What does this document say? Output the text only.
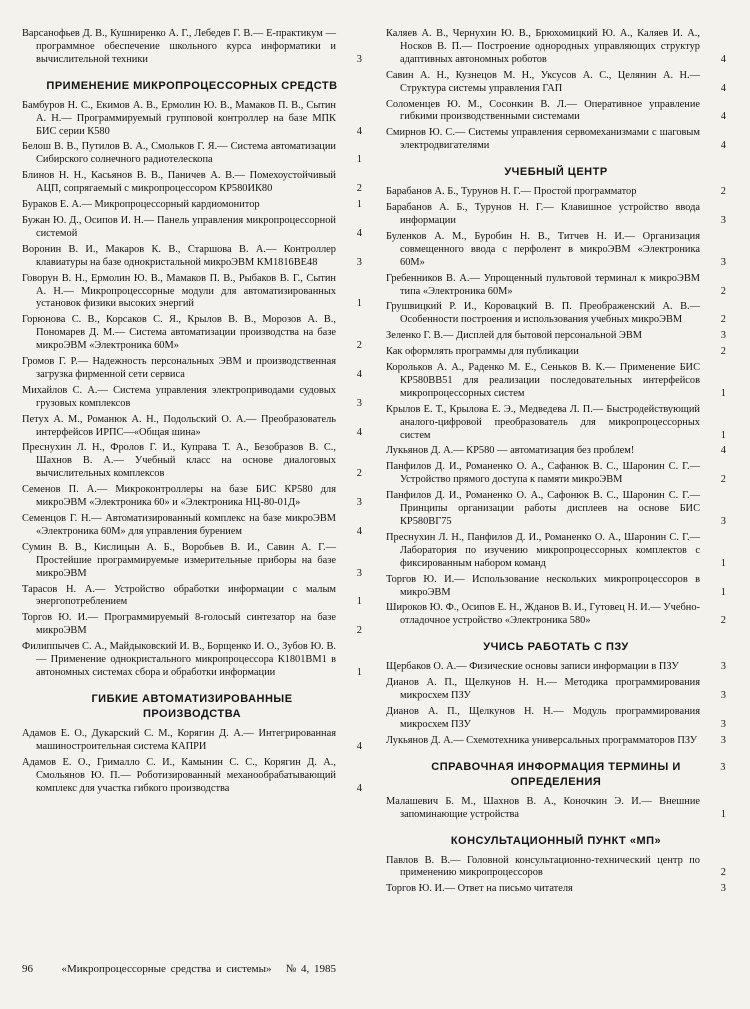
Варсанофьев Д. В., Кушниренко А. Г., Лебедев Г. В.— Е-практикум — программное обеспечение школьного курса информатики и вычислительной техники	3
ПРИМЕНЕНИЕ МИКРОПРОЦЕССОРНЫХ СРЕДСТВ
Бамбуров Н. С., Екимов А. В., Ермолин Ю. В., Мамаков П. В., Сытин А. Н.— Программируемый групповой контроллер на базе МПК БИС серии К580	4
Белош В. В., Путилов В. А., Смольков Г. Я.— Система автоматизации Сибирского солнечного радиотелескопа	1
Блинов Н. Н., Касьянов В. В., Паничев А. В.— Помехоустойчивый АЦП, сопрягаемый с микропроцессором КР580ИК80	2
Бураков Е. А.— Микропроцессорный кардиомонитор	1
Бужан Ю. Д., Осипов И. Н.— Панель управления микропроцессорной системой	4
Воронин В. И., Макаров К. В., Старшова В. А.— Контроллер клавиатуры на базе однокристальной микроЭВМ КМ1816ВЕ48	3
Говорун В. Н., Ермолин Ю. В., Мамаков П. В., Рыбаков В. Г., Сытин А. Н.— Микропроцессорные модули для автоматизированных установок физики высоких энергий	1
Горюнова С. В., Корсаков С. Я., Крылов В. В., Морозов А. В., Пономарев Д. М.— Система автоматизации производства на базе микроЭВМ «Электроника 60М»	2
Громов Г. Р.— Надежность персональных ЭВМ и производственная загрузка фирменной сети сервиса	4
Михайлов С. А.— Система управления электроприводами судовых грузовых комплексов	3
Петух А. М., Романюк А. Н., Подольский О. А.— Преобразователь интерфейсов ИРПС—«Общая шина»	4
Преснухин Л. Н., Фролов Г. И., Куправа Т. А., Безобразов В. С., Шахнов В. А.— Учебный класс на основе диалоговых вычислительных комплексов	2
Семенов П. А.— Микроконтроллеры на базе БИС КР580 для микроЭВМ «Электроника 60» и «Электроника НЦ-80-01Д»	3
Семенцов Г. Н.— Автоматизированный комплекс на базе микроЭВМ «Электроника 60М» для управления бурением	4
Сумин В. В., Кислицын А. Б., Воробьев В. И., Савин А. Г.— Простейшие программируемые измерительные приборы на базе микроЭВМ	3
Тарасов Н. А.— Устройство обработки информации с малым энергопотреблением	1
Торгов Ю. И.— Программируемый 8-голосый синтезатор на базе микроЭВМ	2
Филиппычев С. А., Майдыковский И. В., Борщенко И. О., Зубов Ю. В.— Применение однокристального микропроцессора К1801ВМ1 в автономных системах сбора и обработки информации	1
ГИБКИЕ АВТОМАТИЗИРОВАННЫЕ ПРОИЗВОДСТВА
Адамов Е. О., Дукарский С. М., Корягин Д. А.— Интегрированная машиностроительная система КАПРИ	4
Адамов Е. О., Грималло С. И., Камынин С. С., Корягин Д. А., Смольянов Ю. П.— Роботизированный механообрабатывающий комплекс для участка гибкого производства	4
Каляев А. В., Чернухин Ю. В., Брюхомицкий Ю. А., Каляев И. А., Носков В. П.— Построение однородных управляющих структур адаптивных автономных роботов	4
Савин А. Н., Кузнецов М. Н., Уксусов А. С., Целянин А. Н.— Структура системы управления ГАП	4
Соломенцев Ю. М., Сосонкин В. Л.— Оперативное управление гибкими производственными системами	4
Смирнов Ю. С.— Системы управления сервомеханизмами с шаговым электродвигателями	4
УЧЕБНЫЙ ЦЕНТР
Барабанов А. Б., Турунов Н. Г.— Простой программатор	2
Барабанов А. Б., Турунов Н. Г.— Клавишное устройство ввода информации	3
Буленков А. М., Буробин Н. В., Титчев Н. И.— Организация совмещенного ввода с перфолент в микроЭВМ «Электроника 60М»	3
Гребенников В. А.— Упрощенный пультовой терминал к микроЭВМ типа «Электроника 60М»	2
Грушвицкий Р. И., Коровацкий В. П. Преображенский А. В.— Особенности построения и использования учебных микроЭВМ	2
Зеленко Г. В.— Дисплей для бытовой персональной ЭВМ	3
Как оформлять программы для публикации	2
Корольков А. А., Раденко М. Е., Сеньков В. К.— Применение БИС КР580ВВ51 для реализации последовательных интерфейсов микропроцессорных систем	1
Крылов Е. Т., Крылова Е. Э., Медведева Л. П.— Быстродействующий аналого-цифровой преобразователь для микропроцессорных систем	1
Лукьянов Д. А.— КР580 — автоматизация без проблем!	4
Панфилов Д. И., Романенко О. А., Сафанюк В. С., Шаронин С. Г.— Устройство прямого доступа к памяти микроЭВМ	2
Панфилов Д. И., Романенко О. А., Сафонюк В. С., Шаронин С. Г.— Принципы организации работы дисплеев на основе БИС КР580ВГ75	3
Преснухин Л. Н., Панфилов Д. И., Романенко О. А., Шаронин С. Г.— Лаборатория по изучению микропроцессорных комплектов с фиксированным набором команд	1
Торгов Ю. И.— Использование нескольких микропроцессоров в микроЭВМ	1
Широков Ю. Ф., Осипов Е. Н., Жданов В. И., Гутовец Н. И.— Учебно-отладочное устройство «Электроника 580»	2
УЧИСЬ РАБОТАТЬ С ПЗУ
Щербаков О. А.— Физические основы записи информации в ПЗУ	3
Дианов А. П., Щелкунов Н. Н.— Методика программирования микросхем ПЗУ	3
Дианов А. П., Щелкунов Н. Н.— Модуль программирования микросхем ПЗУ	3
Лукьянов Д. А.— Схемотехника универсальных программаторов ПЗУ	3
СПРАВОЧНАЯ ИНФОРМАЦИЯ ТЕРМИНЫ И ОПРЕДЕЛЕНИЯ
3
Малашевич Б. М., Шахнов В. А., Коночкин Э. И.— Внешние запоминающие устройства	1
КОНСУЛЬТАЦИОННЫЙ ПУНКТ «МП»
Павлов В. В.— Головной консультационно-технический центр по применению микропроцессоров	2
Торгов Ю. И.— Ответ на письмо читателя	3
96	«Микропроцессорные средства и системы» № 4, 1985
